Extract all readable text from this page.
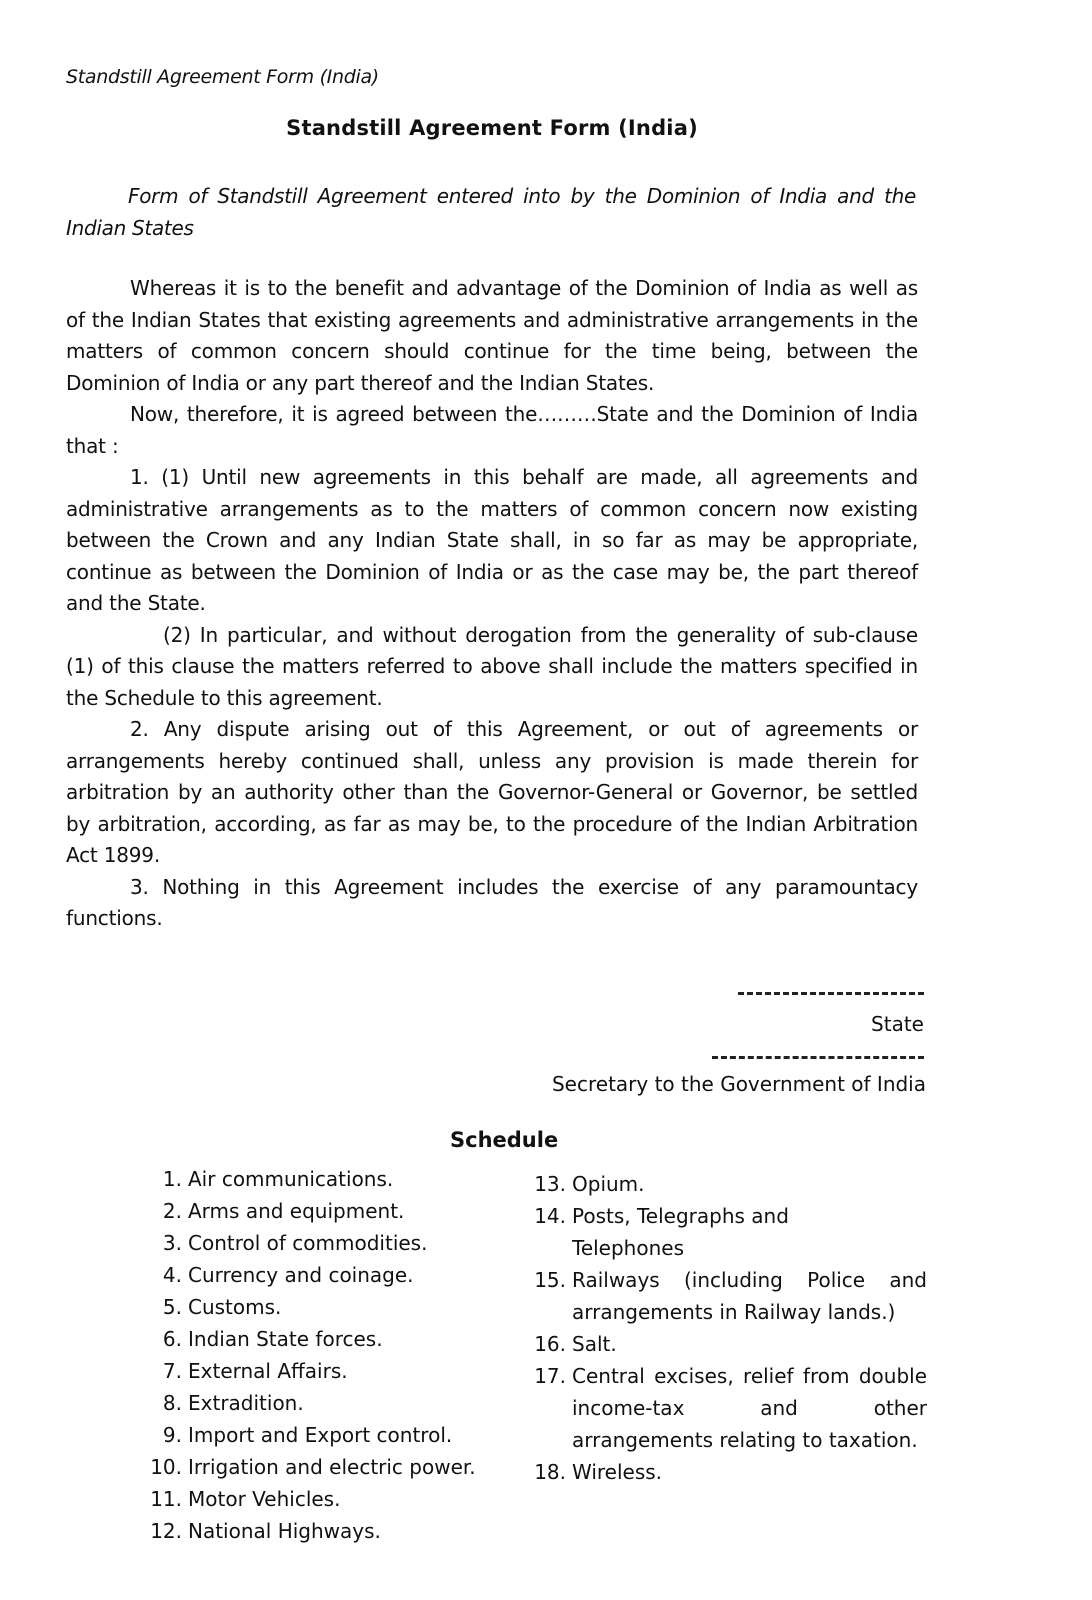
Standstill Agreement Form (India)
Standstill Agreement Form (India)
Form of Standstill Agreement entered into by the Dominion of India and the Indian States

Whereas it is to the benefit and advantage of the Dominion of India as well as of the Indian States that existing agreements and administrative arrangements in the matters of common concern should continue for the time being, between the Dominion of India or any part thereof and the Indian States.

Now, therefore, it is agreed between the………State and the Dominion of India that :

1. (1) Until new agreements in this behalf are made, all agreements and administrative arrangements as to the matters of common concern now existing between the Crown and any Indian State shall, in so far as may be appropriate, continue as between the Dominion of India or as the case may be, the part thereof and the State.

(2) In particular, and without derogation from the generality of sub-clause (1) of this clause the matters referred to above shall include the matters specified in the Schedule to this agreement.

2. Any dispute arising out of this Agreement, or out of agreements or arrangements hereby continued shall, unless any provision is made therein for arbitration by an authority other than the Governor-General or Governor, be settled by arbitration, according, as far as may be, to the procedure of the Indian Arbitration Act 1899.

3. Nothing in this Agreement includes the exercise of any paramountacy functions.

State
Secretary to the Government of India
Schedule
1. Air communications.
2. Arms and equipment.
3. Control of commodities.
4. Currency and coinage.
5. Customs.
6. Indian State forces.
7. External Affairs.
8. Extradition.
9. Import and Export control.
10. Irrigation and electric power.
11. Motor Vehicles.
12. National Highways.
13. Opium.
14. Posts, Telegraphs and Telephones
15. Railways (including Police and arrangements in Railway lands.)
16. Salt.
17. Central excises, relief from double income-tax and other arrangements relating to taxation.
18. Wireless.
